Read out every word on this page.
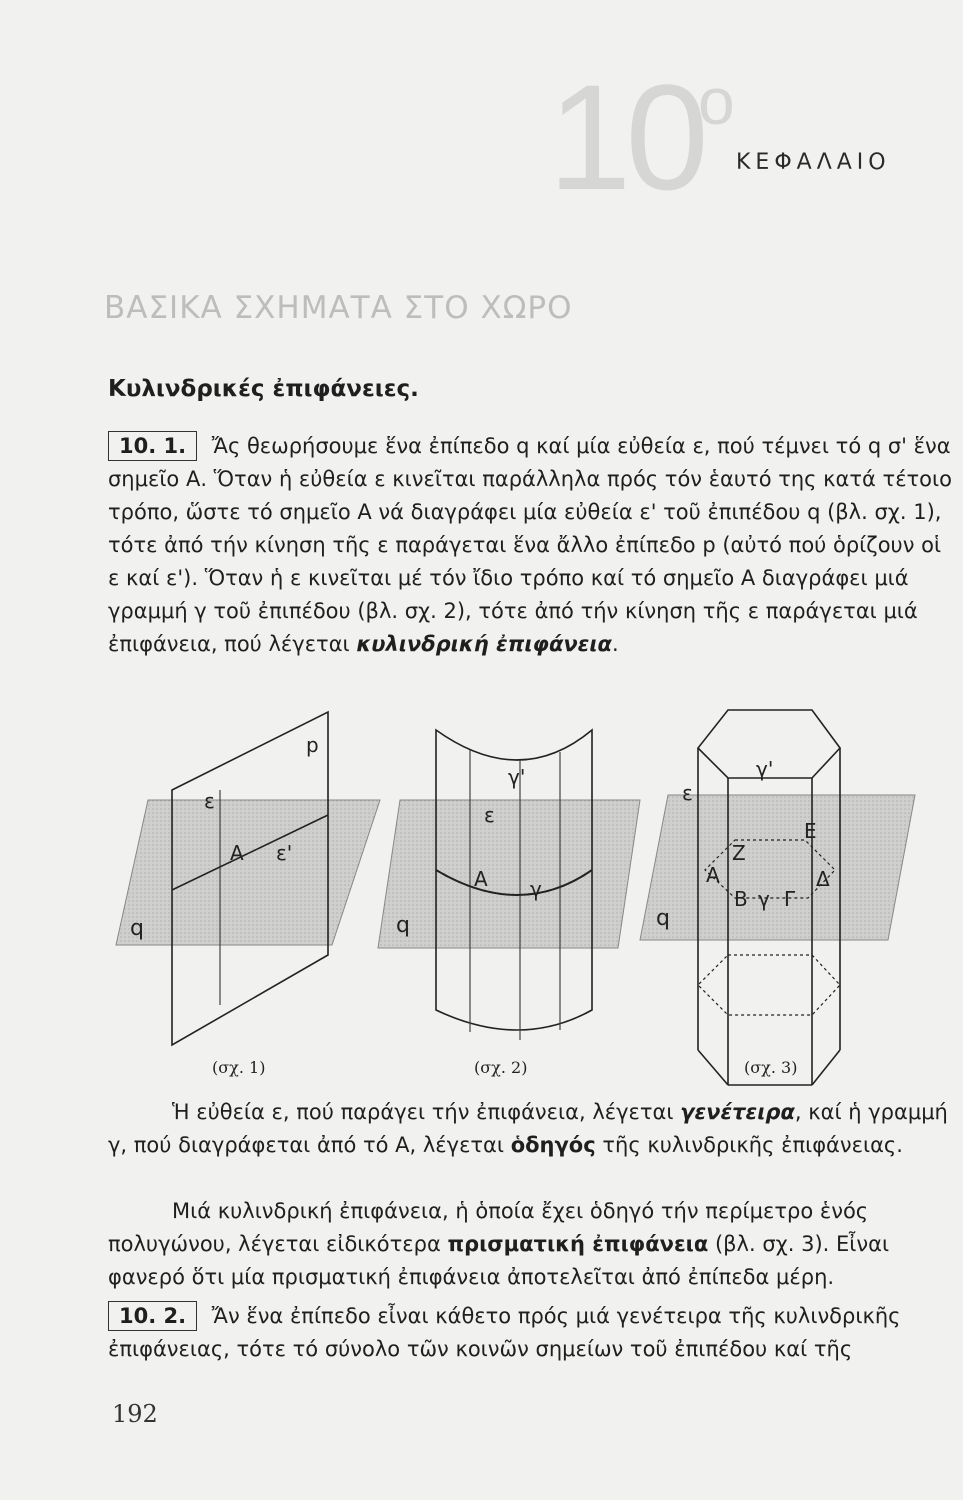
10
o
ΚΕΦΑΛΑΙΟ
ΒΑΣΙΚΑ ΣΧΗΜΑΤΑ ΣΤΟ ΧΩΡΟ
Κυλινδρικές ἐπιφάνειες.

10. 1. Ἄς θεωρήσουμε ἕνα ἐπίπεδο q καί μία εὐθεία ε, πού τέμνει τό q σ' ἕνα σημεῖο Α. Ὅταν ἡ εὐθεία ε κινεῖται παράλληλα πρός τόν ἑαυτό της κατά τέτοιο τρόπο, ὥστε τό σημεῖο Α νά διαγράφει μία εὐθεία ε' τοῦ ἐπιπέδου q (βλ. σχ. 1), τότε ἀπό τήν κίνηση τῆς ε παράγεται ἕνα ἄλλο ἐπίπεδο p (αὐτό πού ὁρίζουν οἱ ε καί ε'). Ὅταν ἡ ε κινεῖται μέ τόν ἴδιο τρόπο καί τό σημεῖο Α διαγράφει μιά γραμμή γ τοῦ ἐπιπέδου (βλ. σχ. 2), τότε ἀπό τήν κίνηση τῆς ε παράγεται μιά ἐπιφάνεια, πού λέγεται κυλινδρική ἐπιφάνεια.

p
ε
Α ε'
q
γ'
ε
Α γ
q
γ'
ε
Ε
Ζ
Α	Δ
Β γ Γ
q
(σχ. 1)	(σχ. 2)	(σχ. 3)

Ἡ εὐθεία ε, πού παράγει τήν ἐπιφάνεια, λέγεται γενέτειρα, καί ἡ γραμμή γ, πού διαγράφεται ἀπό τό Α, λέγεται ὁδηγός τῆς κυλινδρικῆς ἐπιφάνειας.

Μιά κυλινδρική ἐπιφάνεια, ἡ ὁποία ἔχει ὁδηγό τήν περίμετρο ἑνός πολυγώνου, λέγεται εἰδικότερα πρισματική ἐπιφάνεια (βλ. σχ. 3). Εἶναι φανερό ὅτι μία πρισματική ἐπιφάνεια ἀποτελεῖται ἀπό ἐπίπεδα μέρη.

10. 2. Ἄν ἕνα ἐπίπεδο εἶναι κάθετο πρός μιά γενέτειρα τῆς κυλινδρικῆς ἐπιφάνειας, τότε τό σύνολο τῶν κοινῶν σημείων τοῦ ἐπιπέδου καί τῆς

192
